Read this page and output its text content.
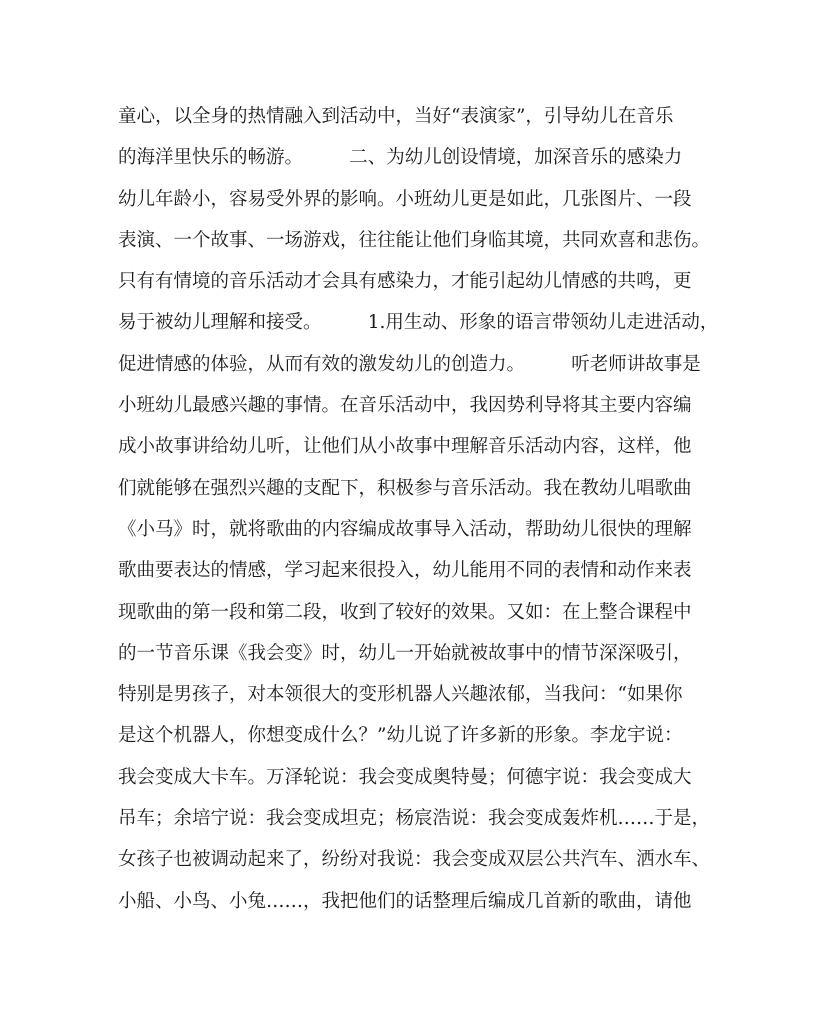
童心，以全身的热情融入到活动中，当好“表演家”，引导幼儿在音乐
的海洋里快乐的畅游。　　　二、为幼儿创设情境，加深音乐的感染力
幼儿年龄小，容易受外界的影响。小班幼儿更是如此，几张图片、一段
表演、一个故事、一场游戏，往往能让他们身临其境，共同欢喜和悲伤。
只有有情境的音乐活动才会具有感染力，才能引起幼儿情感的共鸣，更
易于被幼儿理解和接受。　　　1.用生动、形象的语言带领幼儿走进活动，
促进情感的体验，从而有效的激发幼儿的创造力。　　　听老师讲故事是
小班幼儿最感兴趣的事情。在音乐活动中，我因势利导将其主要内容编
成小故事讲给幼儿听，让他们从小故事中理解音乐活动内容，这样，他
们就能够在强烈兴趣的支配下，积极参与音乐活动。我在教幼儿唱歌曲
《小马》时，就将歌曲的内容编成故事导入活动，帮助幼儿很快的理解
歌曲要表达的情感，学习起来很投入，幼儿能用不同的表情和动作来表
现歌曲的第一段和第二段，收到了较好的效果。又如：在上整合课程中
的一节音乐课《我会变》时，幼儿一开始就被故事中的情节深深吸引，
特别是男孩子，对本领很大的变形机器人兴趣浓郁，当我问：“如果你
是这个机器人，你想变成什么？”幼儿说了许多新的形象。李龙宇说：
我会变成大卡车。万泽轮说：我会变成奥特曼；何德宇说：我会变成大
吊车；余培宁说：我会变成坦克；杨宸浩说：我会变成轰炸机……于是，
女孩子也被调动起来了，纷纷对我说：我会变成双层公共汽车、洒水车、
小船、小鸟、小兔……，我把他们的话整理后编成几首新的歌曲，请他
